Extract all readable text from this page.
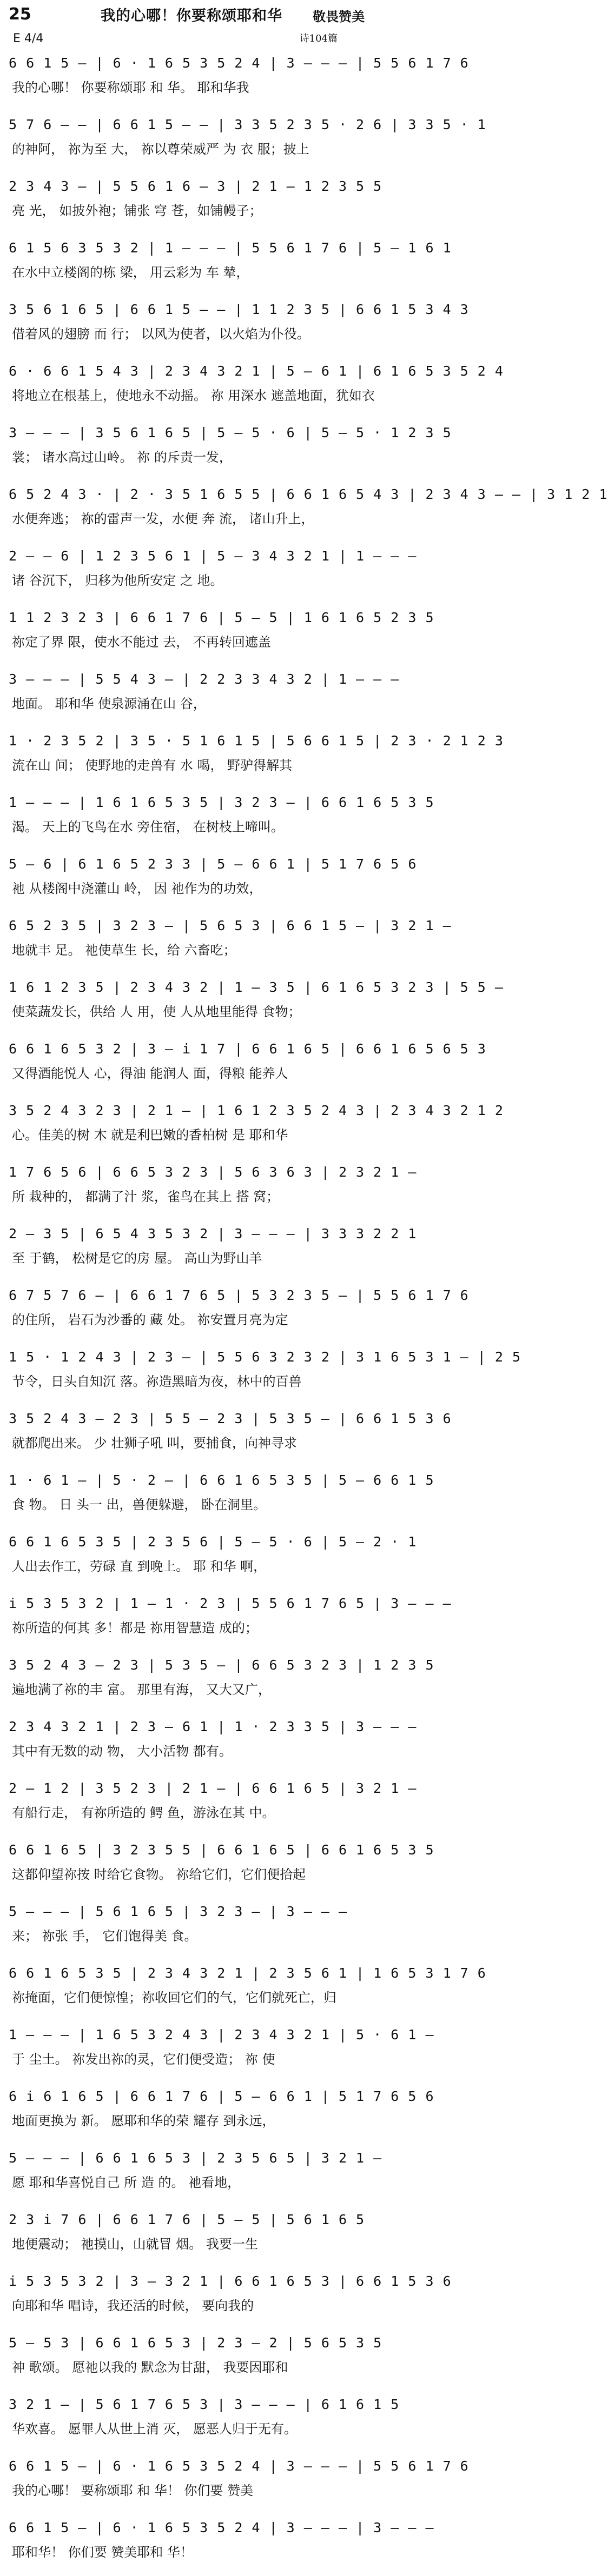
25	我的心哪！你要称颂耶和华 敬畏赞美
E 4/4	诗104篇
6 6 1 5 – | 6 · 1 6 5 3 5 2 4 | 3 – – – | 5 5 6 1 7 6
我的心哪！ 你要称颂耶 和 华。 耶和华我
5 7 6 – – | 6 6 1 5 – – | 3 3 5 2 3 5 · 2 6 | 3 3 5 · 1
的神阿， 祢为至 大， 祢以尊荣威严 为 衣 服；披上
2 3 4 3 – | 5 5 6 1 6 – 3 | 2 1 – 1 2 3 5 5
亮 光， 如披外袍；铺张 穹 苍，如铺幔子；
6 1 5 6 3 5 3 2 | 1 – – – | 5 5 6 1 7 6 | 5 – 1 6 1
在水中立楼阁的栋 梁， 用云彩为 车 辇，
3 5 6 1 6 5 | 6 6 1 5 – – | 1 1 2 3 5 | 6 6 1 5 3 4 3
借着风的翅膀 而 行； 以风为使者，以火焰为仆役。
6 · 6 6 1 5 4 3 | 2 3 4 3 2 1 | 5 – 6 1 | 6 1 6 5 3 5 2 4
将地立在根基上，使地永不动摇。 祢 用深水 遮盖地面，犹如衣
3 – – – | 3 5 6 1 6 5 | 5 – 5 · 6 | 5 – 5 · 1 2 3 5
裳； 诸水高过山岭。 祢 的斥责一发，
6 5 2 4 3 · | 2 · 3 5 1 6 5 5 | 6 6 1 6 5 4 3 | 2 3 4 3 – – | 3 1 2 1
水便奔逃； 祢的雷声一发，水便 奔 流， 诸山升上，
2 – – 6 | 1 2 3 5 6 1 | 5 – 3 4 3 2 1 | 1 – – –
诸 谷沉下， 归移为他所安定 之 地。
1 1 2 3 2 3 | 6 6 1 7 6 | 5 – 5 | 1 6 1 6 5 2 3 5
祢定了界 限，使水不能过 去， 不再转回遮盖
3 – – – | 5 5 4 3 – | 2 2 3 3 4 3 2 | 1 – – –
地面。 耶和华 使泉源涌在山 谷，
1 · 2 3 5 2 | 3 5 · 5 1 6 1 5 | 5 6 6 1 5 | 2 3 · 2 1 2 3
流在山 间； 使野地的走兽有 水 喝， 野驴得解其
1 – – – | 1 6 1 6 5 3 5 | 3 2 3 – | 6 6 1 6 5 3 5
渴。 天上的飞鸟在水 旁住宿， 在树枝上啼叫。
5 – 6 | 6 1 6 5 2 3 3 | 5 – 6 6 1 | 5 1 7 6 5 6
祂 从楼阁中浇灌山 岭， 因 祂作为的功效，
6 5 2 3 5 | 3 2 3 – | 5 6 5 3 | 6 6 1 5 – | 3 2 1 –
地就丰 足。 祂使草生 长，给 六畜吃；
1 6 1 2 3 5 | 2 3 4 3 2 | 1 – 3 5 | 6 1 6 5 3 2 3 | 5 5 –
使菜蔬发长，供给 人 用，使 人从地里能得 食物；
6 6 1 6 5 3 2 | 3 – i 1 7 | 6 6 1 6 5 | 6 6 1 6 5 6 5 3
又得酒能悦人 心，得油 能润人 面，得粮 能养人
3 5 2 4 3 2 3 | 2 1 – | 1 6 1 2 3 5 2 4 3 | 2 3 4 3 2 1 2
心。佳美的树 木 就是利巴嫩的香柏树 是 耶和华
1 7 6 5 6 | 6 6 5 3 2 3 | 5 6 3 6 3 | 2 3 2 1 –
所 栽种的， 都满了汁 浆，雀鸟在其上 搭 窝；
2 – 3 5 | 6 5 4 3 5 3 2 | 3 – – – | 3 3 3 2 2 1
至 于鹤， 松树是它的房 屋。 高山为野山羊
6 7 5 7 6 – | 6 6 1 7 6 5 | 5 3 2 3 5 – | 5 5 6 1 7 6
的住所， 岩石为沙番的 藏 处。 祢安置月亮为定
1 5 · 1 2 4 3 | 2 3 – | 5 5 6 3 2 3 2 | 3 1 6 5 3 1 – | 2 5
节令，日头自知沉 落。祢造黑暗为夜，林中的百兽
3 5 2 4 3 – 2 3 | 5 5 – 2 3 | 5 3 5 – | 6 6 1 5 3 6
就都爬出来。 少 壮狮子吼 叫，要捕食，向神寻求
1 · 6 1 – | 5 · 2 – | 6 6 1 6 5 3 5 | 5 – 6 6 1 5
食 物。 日 头一 出，兽便躲避， 卧在洞里。
6 6 1 6 5 3 5 | 2 3 5 6 | 5 – 5 · 6 | 5 – 2 · 1
人出去作工，劳碌 直 到晚上。 耶 和华 啊，
i 5 3 5 3 2 | 1 – 1 · 2 3 | 5 5 6 1 7 6 5 | 3 – – –
祢所造的何其 多！都是 祢用智慧造 成的；
3 5 2 4 3 – 2 3 | 5 3 5 – | 6 6 5 3 2 3 | 1 2 3 5
遍地满了祢的丰 富。 那里有海， 又大又广，
2 3 4 3 2 1 | 2 3 – 6 1 | 1 · 2 3 3 5 | 3 – – –
其中有无数的动 物， 大小活物 都有。
2 – 1 2 | 3 5 2 3 | 2 1 – | 6 6 1 6 5 | 3 2 1 –
有船行走， 有祢所造的 鳄 鱼，游泳在其 中。
6 6 1 6 5 | 3 2 3 5 5 | 6 6 1 6 5 | 6 6 1 6 5 3 5
这都仰望祢按 时给它食物。 祢给它们，它们便拾起
5 – – – | 5 6 1 6 5 | 3 2 3 – | 3 – – –
来； 祢张 手， 它们饱得美 食。
6 6 1 6 5 3 5 | 2 3 4 3 2 1 | 2 3 5 6 1 | 1 6 5 3 1 7 6
祢掩面，它们便惊惶；祢收回它们的气，它们就死亡，归
1 – – – | 1 6 5 3 2 4 3 | 2 3 4 3 2 1 | 5 · 6 1 –
于 尘土。 祢发出祢的灵，它们便受造； 祢 使
6 i 6 1 6 5 | 6 6 1 7 6 | 5 – 6 6 1 | 5 1 7 6 5 6
地面更换为 新。 愿耶和华的荣 耀存 到永远，
5 – – – | 6 6 1 6 5 3 | 2 3 5 6 5 | 3 2 1 –
愿 耶和华喜悦自己 所 造 的。 祂看地，
2 3 i 7 6 | 6 6 1 7 6 | 5 – 5 | 5 6 1 6 5
地便震动； 祂摸山，山就冒 烟。 我要一生
i 5 3 5 3 2 | 3 – 3 2 1 | 6 6 1 6 5 3 | 6 6 1 5 3 6
向耶和华 唱诗，我还活的时候， 要向我的
5 – 5 3 | 6 6 1 6 5 3 | 2 3 – 2 | 5 6 5 3 5
神 歌颂。 愿祂以我的 默念为甘甜， 我要因耶和
3 2 1 – | 5 6 1 7 6 5 3 | 3 – – – | 6 1 6 1 5
华欢喜。 愿罪人从世上消 灭， 愿恶人归于无有。
6 6 1 5 – | 6 · 1 6 5 3 5 2 4 | 3 – – – | 5 5 6 1 7 6
我的心哪！ 要称颂耶 和 华！ 你们要 赞美
6 6 1 5 – | 6 · 1 6 5 3 5 2 4 | 3 – – – | 3 – – –
耶和华！ 你们要 赞美耶和 华！
